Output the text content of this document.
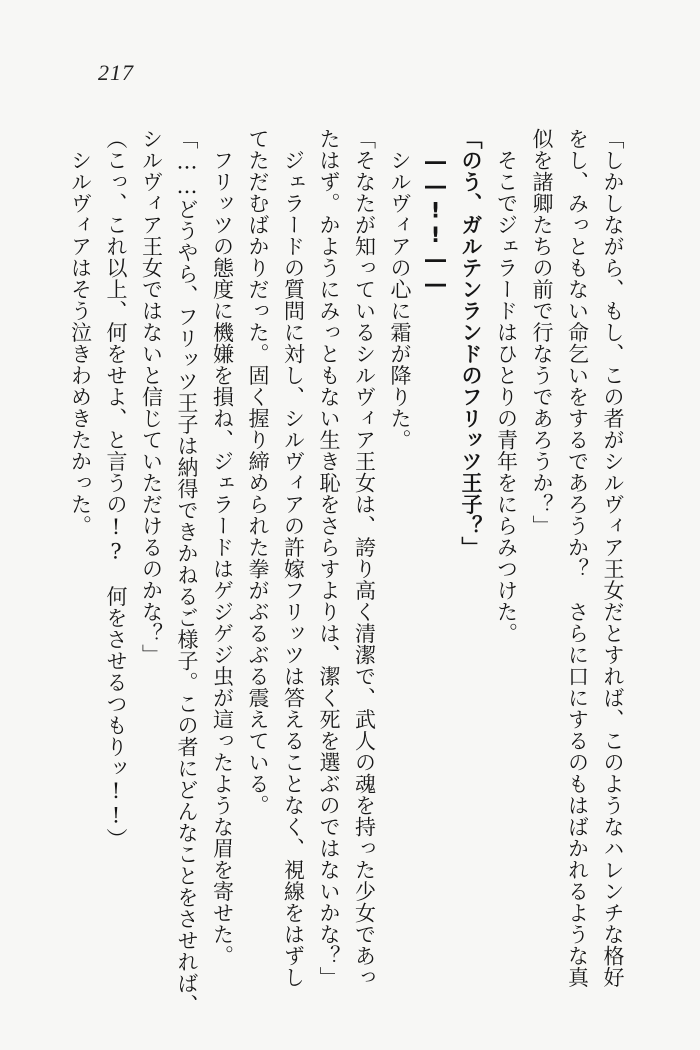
217
「しかしながら、もし、この者がシルヴィア王女だとすれば、このようなハレンチな格好
をし、みっともない命乞いをするであろうか？　さらに口にするのもはばかれるような真
似を諸卿たちの前で行なうであろうか？」
　そこでジェラードはひとりの青年をにらみつけた。
「のう、ガルテンランドのフリッツ王子？」
　――!!――
　シルヴィアの心に霜が降りた。
「そなたが知っているシルヴィア王女は、誇り高く清潔で、武人の魂を持った少女であっ
たはず。かようにみっともない生き恥をさらすよりは、潔く死を選ぶのではないかな？」
　ジェラードの質問に対し、シルヴィアの許嫁フリッツは答えることなく、視線をはずし
てただむばかりだった。固く握り締められた拳がぶるぶる震えている。
　フリッツの態度に機嫌を損ね、ジェラードはゲジゲジ虫が這ったような眉を寄せた。
「……どうやら、フリッツ王子は納得できかねるご様子。この者にどんなことをさせれば、
シルヴィア王女ではないと信じていただけるのかな？」
（こっ、これ以上、何をせよ、と言うの!?　何をさせるつもりッ!!）
　シルヴィアはそう泣きわめきたかった。
